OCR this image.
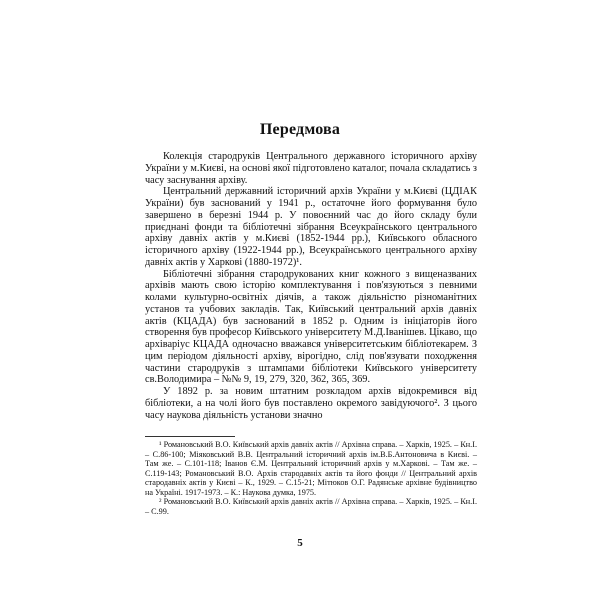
Передмова

Колекція стародруків Центрального державного історичного архіву України у м.Києві, на основі якої підготовлено каталог, почала складатись з часу заснування архіву.

Центральний державний історичний архів України у м.Києві (ЦДІАК України) був заснований у 1941 р., остаточне його формування було завершено в березні 1944 р. У повоєнний час до його складу були приєднані фонди та бібліотечні зібрання Всеукраїнського центрального архіву давніх актів у м.Києві (1852-1944 рр.), Київського обласного історичного архіву (1922-1944 рр.), Всеукраїнського центрального архіву давніх актів у Харкові (1880-1972)¹.

Бібліотечні зібрання стародрукованих книг кожного з вищеназваних архівів мають свою історію комплектування і пов'язуються з певними колами культурно-освітніх діячів, а також діяльністю різноманітних установ та учбових закладів. Так, Київський центральний архів давніх актів (КЦАДА) був заснований в 1852 р. Одним із ініціаторів його створення був професор Київського університету М.Д.Іванішев. Цікаво, що архіваріус КЦАДА одночасно вважався університетським бібліотекарем. З цим періодом діяльності архіву, вірогідно, слід пов'язувати походження частини стародруків з штампами бібліотеки Київського університету св.Володимира – №№ 9, 19, 279, 320, 362, 365, 369.

У 1892 р. за новим штатним розкладом архів відокремився від бібліотеки, а на чолі його був поставлено окремого завідуючого². З цього часу наукова діяльність установи значно

¹ Романовський В.О. Київський архів давніх актів // Архівна справа. – Харків, 1925. – Кн.I. – С.86-100; Міяковський В.В. Центральний історичний архів ім.В.Б.Антоновича в Києві. – Там же. – С.101-118; Іванов Є.М. Центральний історичний архів у м.Харкові. – Там же. – С.119-143; Романовський В.О. Архів стародавніх актів та його фонди // Центральний архів стародавніх актів у Києві – К., 1929. – С.15-21; Мітюков О.Г. Радянське архівне будівництво на Україні. 1917-1973. – К.: Наукова думка, 1975.

² Романовський В.О. Київський архів давніх актів // Архівна справа. – Харків, 1925. – Кн.I. – С.99.

5
